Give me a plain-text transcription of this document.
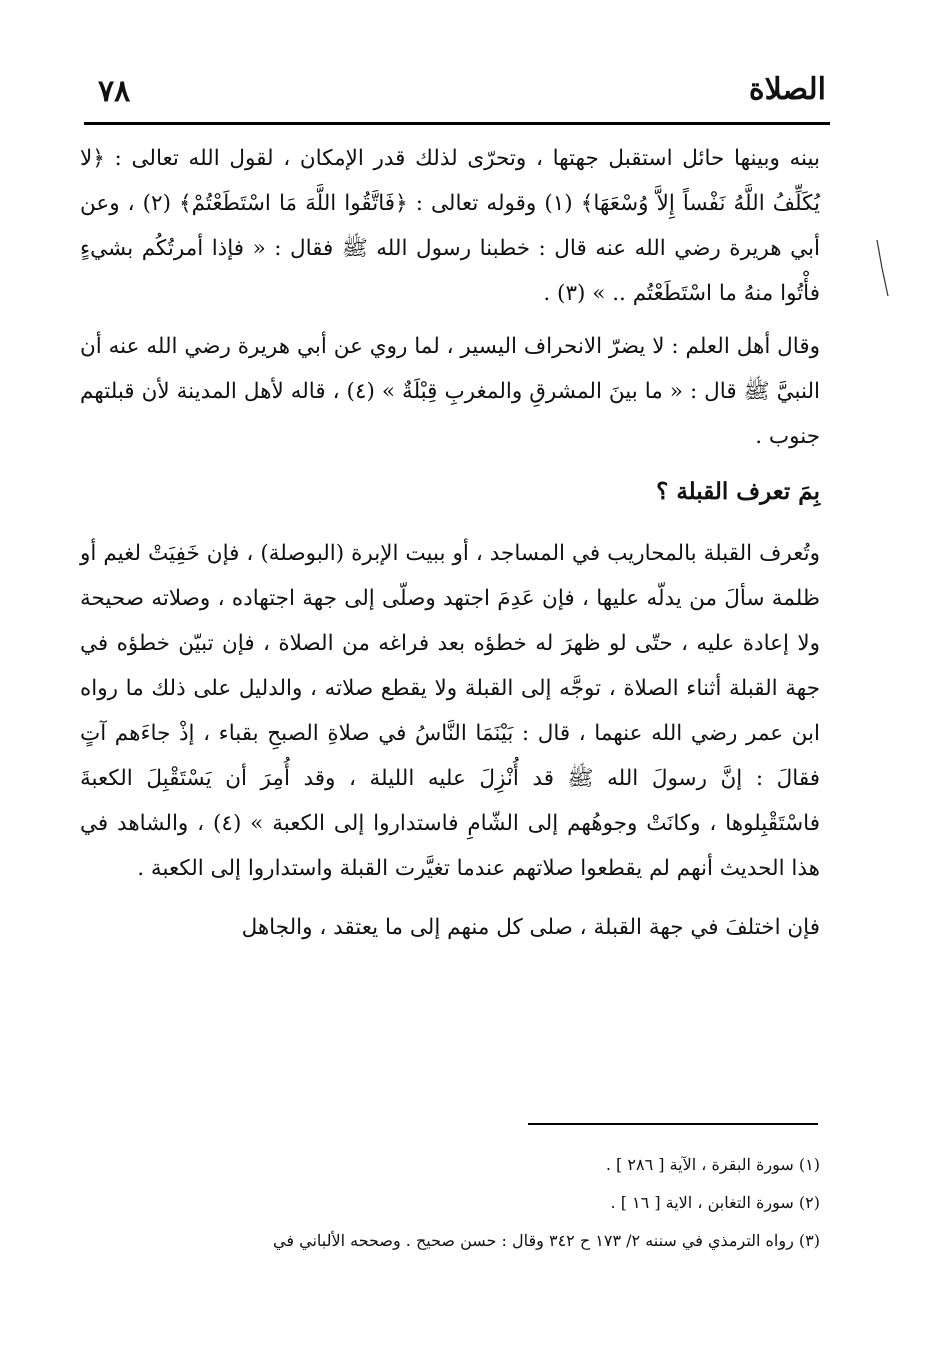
٧٨	الصلاة

بينه وبينها حائل استقبل جهتها ، وتحرّى لذلك قدر الإمكان ، لقول الله تعالى : ﴿لا يُكَلِّفُ اللَّهُ نَفْساً إِلاَّ وُسْعَهَا﴾ (١) وقوله تعالى : ﴿فَاتَّقُوا اللَّهَ مَا اسْتَطَعْتُمْ﴾ (٢) ، وعن أبي هريرة رضي الله عنه قال : خطبنا رسول الله ﷺ فقال : « فإذا أمرتُكُم بشيءٍ فأْتُوا منهُ ما اسْتَطَعْتُم .. » (٣) .

وقال أهل العلم : لا يضرّ الانحراف اليسير ، لما روي عن أبي هريرة رضي الله عنه أن النبيَّ ﷺ قال : « ما بينَ المشرقِ والمغربِ قِبْلَةٌ » (٤) ، قاله لأهل المدينة لأن قبلتهم جنوب .

بِمَ تعرف القبلة ؟

وتُعرف القبلة بالمحاريب في المساجد ، أو ببيت الإبرة (البوصلة) ، فإن خَفِيَتْ لغيم أو ظلمة سألَ من يدلّه عليها ، فإن عَدِمَ اجتهد وصلّى إلى جهة اجتهاده ، وصلاته صحيحة ولا إعادة عليه ، حتّى لو ظهرَ له خطؤه بعد فراغه من الصلاة ، فإن تبيّن خطؤه في جهة القبلة أثناء الصلاة ، توجَّه إلى القبلة ولا يقطع صلاته ، والدليل على ذلك ما رواه ابن عمر رضي الله عنهما ، قال : بَيْنَمَا النَّاسُ في صلاةِ الصبحِ بقباء ، إذْ جاءَهم آتٍ فقالَ : إنَّ رسولَ الله ﷺ قد أُنْزِلَ عليه الليلة ، وقد أُمِرَ أن يَسْتَقْبِلَ الكعبةَ فاسْتَقْبِلوها ، وكانَتْ وجوهُهم إلى الشّامِ فاستداروا إلى الكعبة » (٤) ، والشاهد في هذا الحديث أنهم لم يقطعوا صلاتهم عندما تغيَّرت القبلة واستداروا إلى الكعبة .

فإن اختلفَ في جهة القبلة ، صلى كل منهم إلى ما يعتقد ، والجاهل

(١) سورة البقرة ، الآية [ ٢٨٦ ] .

(٢) سورة التغابن ، الاية [ ١٦ ] .

(٣) رواه الترمذي في سننه ٢/ ١٧٣ ح ٣٤٢ وقال : حسن صحيح . وصححه الألباني في
